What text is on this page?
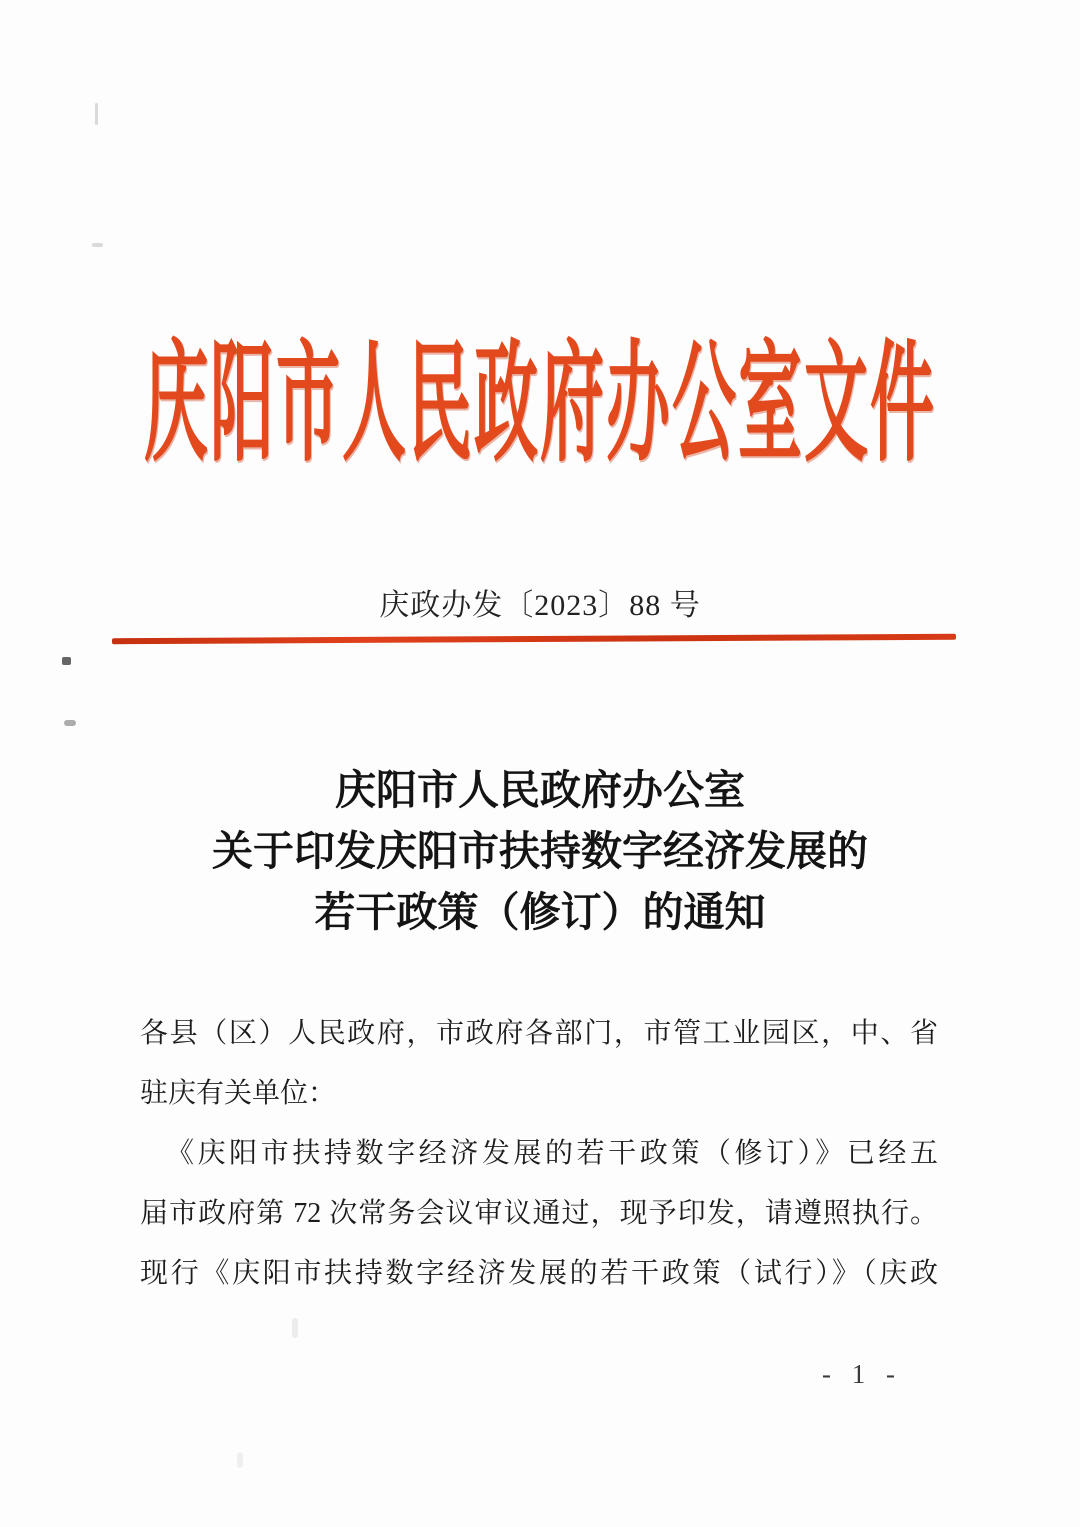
庆阳市人民政府办公室文件
庆政办发〔2023〕88 号
庆阳市人民政府办公室
关于印发庆阳市扶持数字经济发展的
若干政策（修订）的通知
各县（区）人民政府，市政府各部门，市管工业园区，中、省
驻庆有关单位：
《庆阳市扶持数字经济发展的若干政策（修订）》已经五
届市政府第 72 次常务会议审议通过，现予印发，请遵照执行。
现行《庆阳市扶持数字经济发展的若干政策（试行）》（庆政
- 1 -
